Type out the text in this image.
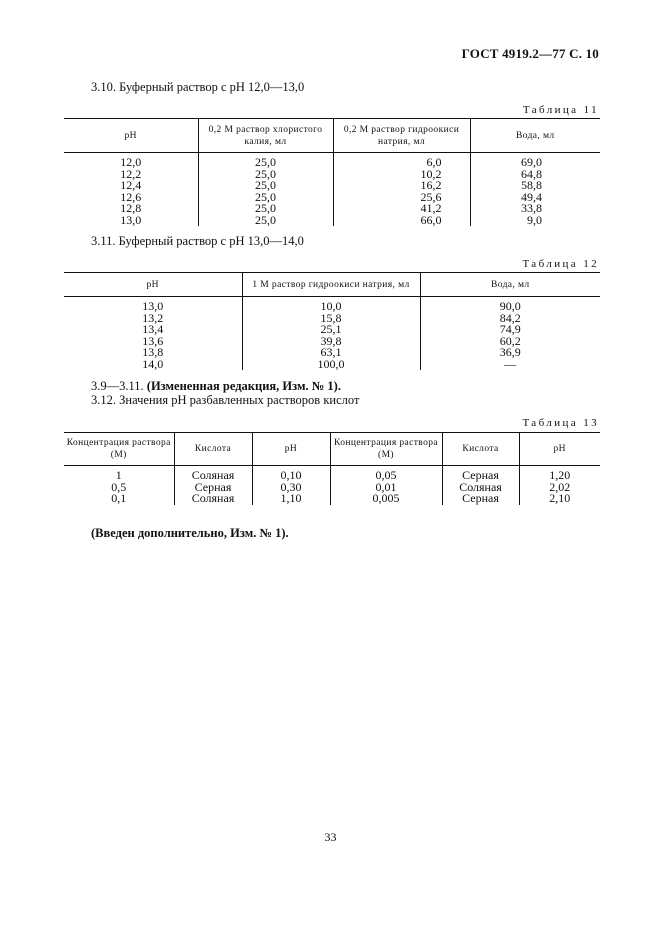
ГОСТ 4919.2—77 С. 10
3.10. Буферный раствор с pH 12,0—13,0
Таблица 11
pH	0,2 М раствор хлористого калия, мл	0,2 М раствор гидроокиси натрия, мл	Вода, мл
12,0	25,0	6,0	69,0
12,2	25,0	10,2	64,8
12,4	25,0	16,2	58,8
12,6	25,0	25,6	49,4
12,8	25,0	41,2	33,8
13,0	25,0	66,0	9,0
3.11. Буферный раствор с pH 13,0—14,0
Таблица 12
pH	1 М раствор гидроокиси натрия, мл	Вода, мл
13,0	10,0	90,0
13,2	15,8	84,2
13,4	25,1	74,9
13,6	39,8	60,2
13,8	63,1	36,9
14,0	100,0	—
3.9—3.11. (Измененная редакция, Изм. № 1).
3.12. Значения pH разбавленных растворов кислот
Таблица 13
Концентрация раствора (М)	Кислота	pH	Концентрация раствора (М)	Кислота	pH
1	Соляная	0,10	0,05	Серная	1,20
0,5	Серная	0,30	0,01	Соляная	2,02
0,1	Соляная	1,10	0,005	Серная	2,10
(Введен дополнительно, Изм. № 1).
33
